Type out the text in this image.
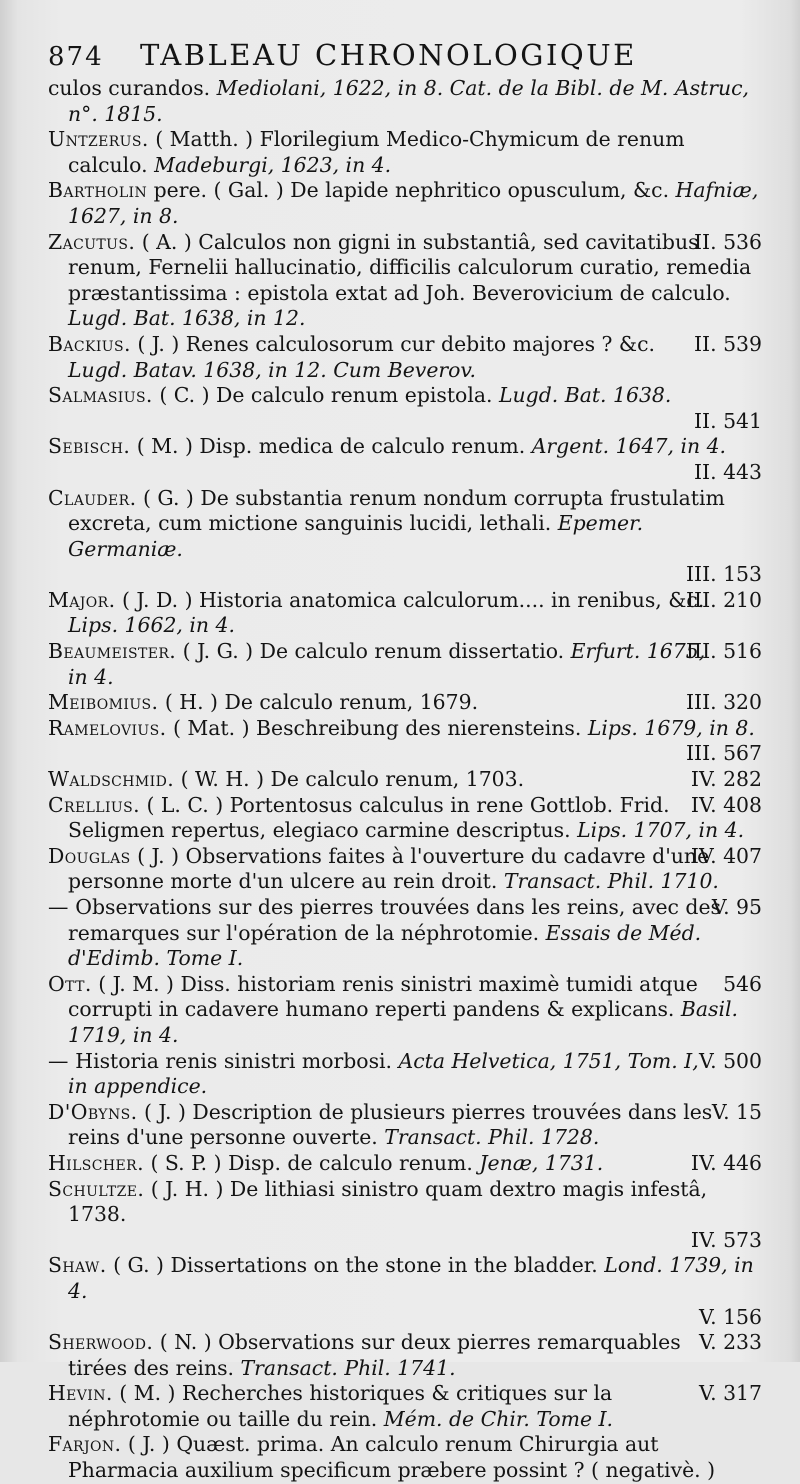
874	TABLEAU CHRONOLOGIQUE
culos curandos. Mediolani, 1622, in 8. Cat. de la Bibl. de M. Astruc, n°. 1815.
Untzerus. ( Matth. ) Florilegium Medico-Chymicum de renum calculo. Madeburgi, 1623, in 4.
Bartholin pere. ( Gal. ) De lapide nephritico opusculum, &c. Hafniæ, 1627, in 8.
II. 536
Zacutus. ( A. ) Calculos non gigni in substantiâ, sed cavitatibus renum, Fernelii hallucinatio, difficilis calculorum curatio, remedia præstantissima : epistola extat ad Joh. Beverovicium de calculo. Lugd. Bat. 1638, in 12.
II. 539
Backius. ( J. ) Renes calculosorum cur debito majores ? &c. Lugd. Batav. 1638, in 12. Cum Beverov.
Salmasius. ( C. ) De calculo renum epistola. Lugd. Bat. 1638.
II. 541
Sebisch. ( M. ) Disp. medica de calculo renum. Argent. 1647, in 4.
II. 443
Clauder. ( G. ) De substantia renum nondum corrupta frustulatim excreta, cum mictione sanguinis lucidi, lethali. Epemer. Germaniæ.
III. 153
III. 210
Major. ( J. D. ) Historia anatomica calculorum.... in renibus, &c. Lips. 1662, in 4.
III. 516
Beaumeister. ( J. G. ) De calculo renum dissertatio. Erfurt. 1675, in 4.
III. 320
Meibomius. ( H. ) De calculo renum, 1679.
Ramelovius. ( Mat. ) Beschreibung des nierensteins. Lips. 1679, in 8.
III. 567
IV. 282
Waldschmid. ( W. H. ) De calculo renum, 1703.
IV. 408
Crellius. ( L. C. ) Portentosus calculus in rene Gottlob. Frid. Seligmen repertus, elegiaco carmine descriptus. Lips. 1707, in 4.
IV. 407
Douglas ( J. ) Observations faites à l'ouverture du cadavre d'une personne morte d'un ulcere au rein droit. Transact. Phil. 1710.
V. 95
— Observations sur des pierres trouvées dans les reins, avec des remarques sur l'opération de la néphrotomie. Essais de Méd. d'Edimb. Tome I.
546
Ott. ( J. M. ) Diss. historiam renis sinistri maximè tumidi atque corrupti in cadavere humano reperti pandens & explicans. Basil. 1719, in 4.
V. 500
— Historia renis sinistri morbosi. Acta Helvetica, 1751, Tom. I, in appendice.
V. 15
D'Obyns. ( J. ) Description de plusieurs pierres trouvées dans les reins d'une personne ouverte. Transact. Phil. 1728.
IV. 446
Hilscher. ( S. P. ) Disp. de calculo renum. Jenæ, 1731.
Schultze. ( J. H. ) De lithiasi sinistro quam dextro magis infestâ, 1738.
IV. 573
Shaw. ( G. ) Dissertations on the stone in the bladder. Lond. 1739, in 4.
V. 156
V. 233
Sherwood. ( N. ) Observations sur deux pierres remarquables tirées des reins. Transact. Phil. 1741.
V. 317
Hevin. ( M. ) Recherches historiques & critiques sur la néphrotomie ou taille du rein. Mém. de Chir. Tome I.
Farjon. ( J. ) Quæst. prima. An calculo renum Chirurgia aut Pharmacia auxilium specificum præbere possint ? ( negativè. )
